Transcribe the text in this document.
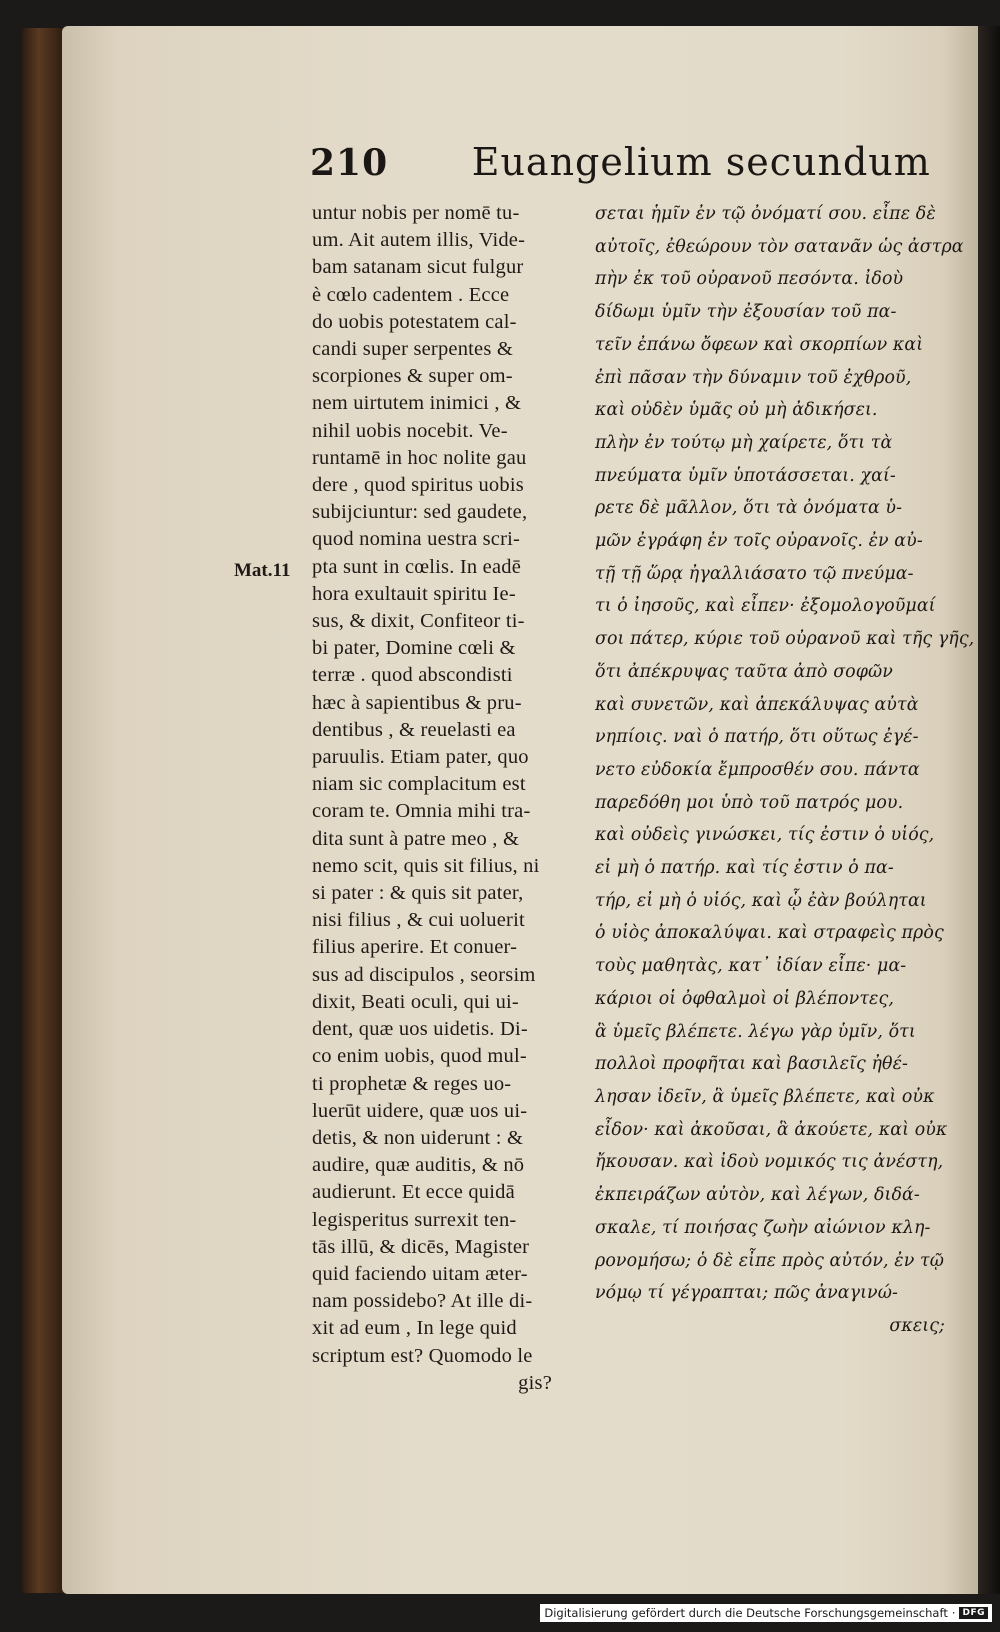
210 Euangelium secundum
Mat.11
untur nobis per nomē tu-
um. Ait autem illis, Vide-
bam satanam sicut fulgur
è cœlo cadentem . Ecce
do uobis potestatem cal-
candi super serpentes &
scorpiones & super om-
nem uirtutem inimici , &
nihil uobis nocebit. Ve-
runtamē in hoc nolite gau
dere , quod spiritus uobis
subijciuntur: sed gaudete,
quod nomina uestra scri-
pta sunt in cœlis. In eadē
hora exultauit spiritu Ie-
sus, & dixit, Confiteor ti-
bi pater, Domine cœli &
terræ . quod abscondisti
hæc à sapientibus & pru-
dentibus , & reuelasti ea
paruulis. Etiam pater, quo
niam sic complacitum est
coram te. Omnia mihi tra-
dita sunt à patre meo , &
nemo scit, quis sit filius, ni
si pater : & quis sit pater,
nisi filius , & cui uoluerit
filius aperire. Et conuer-
sus ad discipulos , seorsim
dixit, Beati oculi, qui ui-
dent, quæ uos uidetis. Di-
co enim uobis, quod mul-
ti prophetæ & reges uo-
luerūt uidere, quæ uos ui-
detis, & non uiderunt : &
audire, quæ auditis, & nō
audierunt. Et ecce quidā
legisperitus surrexit ten-
tās illū, & dicēs, Magister
quid faciendo uitam æter-
nam possidebo? At ille di-
xit ad eum , In lege quid
scriptum est? Quomodo le
gis?
σεται ἡμῖν ἐν τῷ ὀνόματί σου. εἶπε δὲ
αὐτοῖς, ἐθεώρουν τὸν σατανᾶν ὡς ἀστρα
πὴν ἐκ τοῦ οὐρανοῦ πεσόντα. ἰδοὺ
δίδωμι ὑμῖν τὴν ἐξουσίαν τοῦ πα-
τεῖν ἐπάνω ὄφεων καὶ σκορπίων καὶ
ἐπὶ πᾶσαν τὴν δύναμιν τοῦ ἐχθροῦ,
καὶ οὐδὲν ὑμᾶς οὐ μὴ ἀδικήσει.
πλὴν ἐν τούτῳ μὴ χαίρετε, ὅτι τὰ
πνεύματα ὑμῖν ὑποτάσσεται. χαί-
ρετε δὲ μᾶλλον, ὅτι τὰ ὀνόματα ὑ-
μῶν ἐγράφη ἐν τοῖς οὐρανοῖς. ἐν αὐ-
τῇ τῇ ὥρᾳ ἠγαλλιάσατο τῷ πνεύμα-
τι ὁ ἰησοῦς, καὶ εἶπεν· ἐξομολογοῦμαί
σοι πάτερ, κύριε τοῦ οὐρανοῦ καὶ τῆς γῆς,
ὅτι ἀπέκρυψας ταῦτα ἀπὸ σοφῶν
καὶ συνετῶν, καὶ ἀπεκάλυψας αὐτὰ
νηπίοις. ναὶ ὁ πατήρ, ὅτι οὕτως ἐγέ-
νετο εὐδοκία ἔμπροσθέν σου. πάντα
παρεδόθη μοι ὑπὸ τοῦ πατρός μου.
καὶ οὐδεὶς γινώσκει, τίς ἐστιν ὁ υἱός,
εἰ μὴ ὁ πατήρ. καὶ τίς ἐστιν ὁ πα-
τήρ, εἰ μὴ ὁ υἱός, καὶ ᾧ ἐὰν βούληται
ὁ υἱὸς ἀποκαλύψαι. καὶ στραφεὶς πρὸς
τοὺς μαθητὰς, κατ᾽ ἰδίαν εἶπε· μα-
κάριοι οἱ ὀφθαλμοὶ οἱ βλέποντες,
ἃ ὑμεῖς βλέπετε. λέγω γὰρ ὑμῖν, ὅτι
πολλοὶ προφῆται καὶ βασιλεῖς ἠθέ-
λησαν ἰδεῖν, ἃ ὑμεῖς βλέπετε, καὶ οὐκ
εἶδον· καὶ ἀκοῦσαι, ἃ ἀκούετε, καὶ οὐκ
ἤκουσαν. καὶ ἰδοὺ νομικός τις ἀνέστη,
ἐκπειράζων αὐτὸν, καὶ λέγων, διδά-
σκαλε, τί ποιήσας ζωὴν αἰώνιον κλη-
ρονομήσω; ὁ δὲ εἶπε πρὸς αὐτόν, ἐν τῷ
νόμῳ τί γέγραπται; πῶς ἀναγινώ-
σκεις;
Digitalisierung gefördert durch die Deutsche Forschungsgemeinschaft · DFG
